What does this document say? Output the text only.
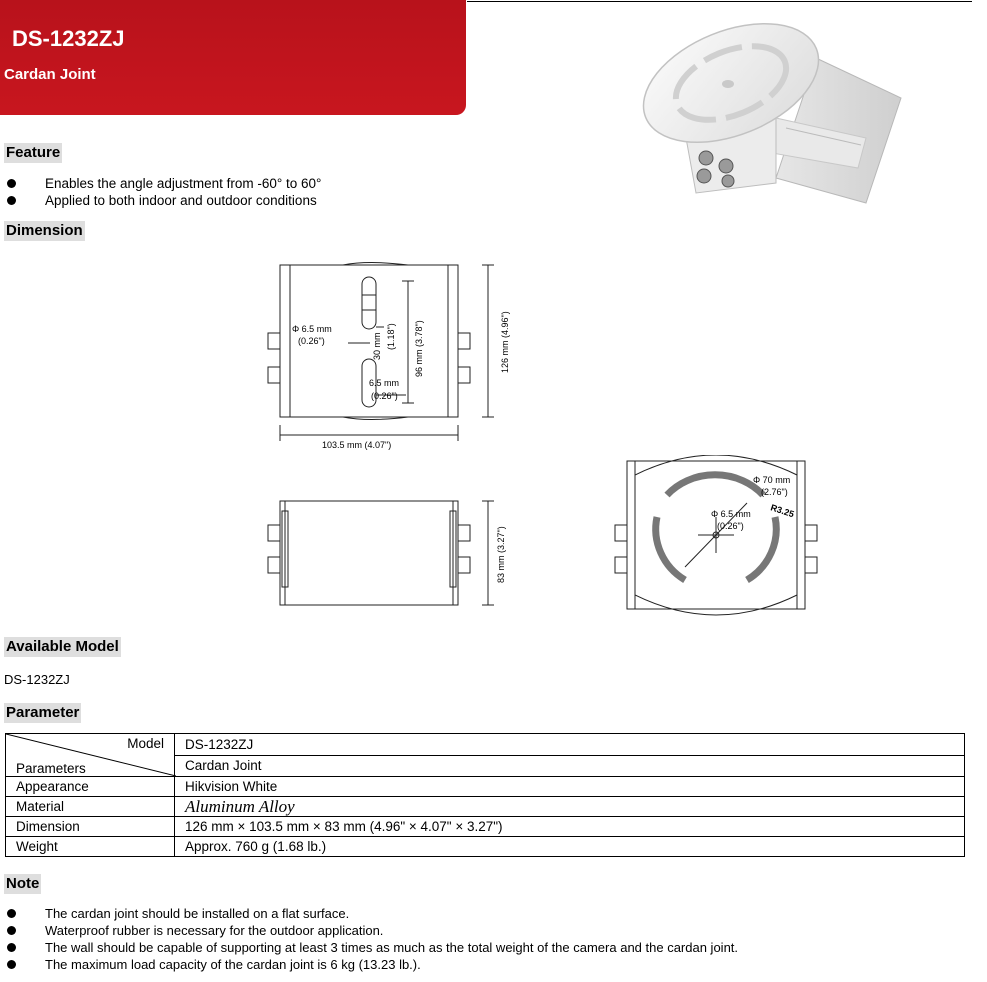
DS-1232ZJ
Cardan Joint
Feature
Enables the angle adjustment from -60° to 60°
Applied to both indoor and outdoor conditions
Dimension
Φ 6.5 mm
(0.26")	30 mm (1.18") 96 mm (3.78")	126 mm (4.96")
6.5 mm
(0.26")
103.5 mm (4.07")
83 mm (3.27")
Φ 70 mm
(2.76")
Φ 6.5 mm
(0.26")
R3.25
Available Model
DS-1232ZJ
Parameter
Model
Parameters	DS-1232ZJ
	Cardan Joint
Appearance	Hikvision White
Material	Aluminum Alloy
Dimension	126 mm × 103.5 mm × 83 mm (4.96" × 4.07" × 3.27")
Weight	Approx. 760 g (1.68 lb.)
Note
The cardan joint should be installed on a flat surface.
Waterproof rubber is necessary for the outdoor application.
The wall should be capable of supporting at least 3 times as much as the total weight of the camera and the cardan joint.
The maximum load capacity of the cardan joint is 6 kg (13.23 lb.).
